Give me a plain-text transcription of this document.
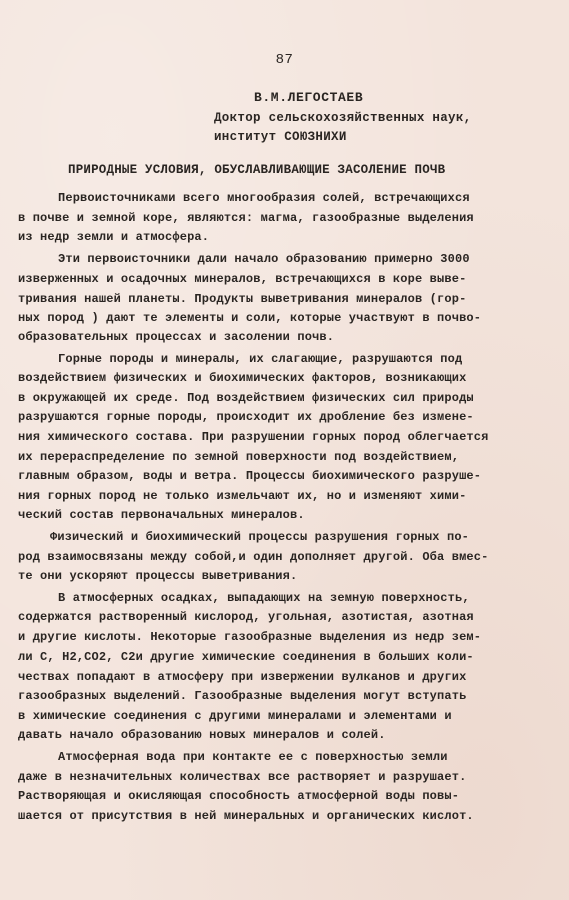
87
В.М.ЛЕГОСТАЕВ
Доктор сельскохозяйственных наук,
институт СОЮЗНИХИ
ПРИРОДНЫЕ УСЛОВИЯ, ОБУСЛАВЛИВАЮЩИЕ ЗАСОЛЕНИЕ ПОЧВ
Первоисточниками всего многообразия солей, встречающихся
в почве и земной коре, являются: магма, газообразные выделения
из недр земли и атмосфера.
Эти первоисточники дали начало образованию примерно 3000
изверженных и осадочных минералов, встречающихся в коре выве-
тривания нашей планеты. Продукты выветривания минералов (гор-
ных пород ) дают те элементы и соли, которые участвуют в почво-
образовательных процессах и засолении почв.
Горные породы и минералы, их слагающие, разрушаются под
воздействием физических и биохимических факторов, возникающих
в окружающей их среде. Под воздействием физических сил природы
разрушаются горные породы, происходит их дробление без измене-
ния химического состава. При разрушении горных пород облегчается
их перераспределение по земной поверхности под воздействием,
главным образом, воды и ветра. Процессы биохимического разруше-
ния горных пород не только измельчают их, но и изменяют хими-
ческий состав первоначальных минералов.
Физический и биохимический процессы разрушения горных по-
род взаимосвязаны между собой,и один дополняет другой. Оба вмес-
те они ускоряют процессы выветривания.
В атмосферных осадках, выпадающих на земную поверхность,
содержатся растворенный кислород, угольная, азотистая, азотная
и другие кислоты. Некоторые газообразные выделения из недр зем-
ли C, H2,CO2, C2и другие химические соединения в больших коли-
чествах попадают в атмосферу при извержении вулканов и других
газообразных выделений. Газообразные выделения могут вступать
в химические соединения с другими минералами и элементами и
давать начало образованию новых минералов и солей.
Атмосферная вода при контакте ее с поверхностью земли
даже в незначительных количествах все растворяет и разрушает.
Растворяющая и окисляющая способность атмосферной воды повы-
шается от присутствия в ней минеральных и органических кислот.
